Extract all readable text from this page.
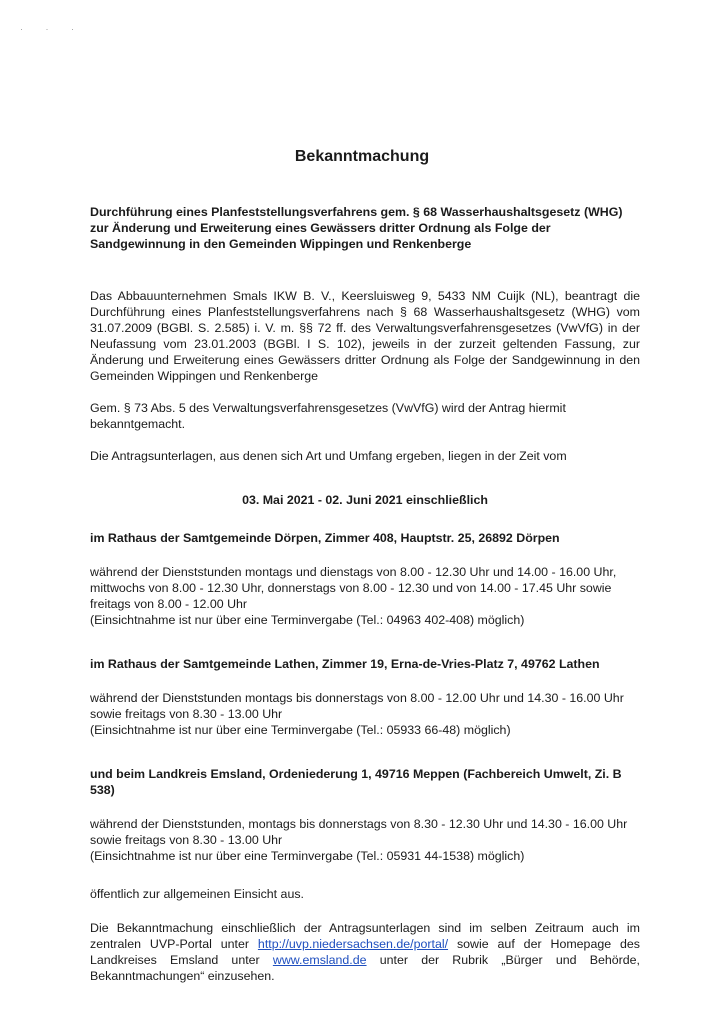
· · ·
Bekanntmachung

Durchführung eines Planfeststellungsverfahrens gem. § 68 Wasserhaushaltsgesetz (WHG) zur Änderung und Erweiterung eines Gewässers dritter Ordnung als Folge der Sandgewinnung in den Gemeinden Wippingen und Renkenberge

Das Abbauunternehmen Smals IKW B. V., Keersluisweg 9, 5433 NM Cuijk (NL), beantragt die Durchführung eines Planfeststellungsverfahrens nach § 68 Wasserhaushaltsgesetz (WHG) vom 31.07.2009 (BGBl. S. 2.585) i. V. m. §§ 72 ff. des Verwaltungsverfahrensgesetzes (VwVfG) in der Neufassung vom 23.01.2003 (BGBl. I S. 102), jeweils in der zurzeit geltenden Fassung, zur Änderung und Erweiterung eines Gewässers dritter Ordnung als Folge der Sandgewinnung in den Gemeinden Wippingen und Renkenberge

Gem. § 73 Abs. 5 des Verwaltungsverfahrensgesetzes (VwVfG) wird der Antrag hiermit bekanntgemacht.

Die Antragsunterlagen, aus denen sich Art und Umfang ergeben, liegen in der Zeit vom

03. Mai 2021 - 02. Juni 2021 einschließlich

im Rathaus der Samtgemeinde Dörpen, Zimmer 408, Hauptstr. 25, 26892 Dörpen

während der Dienststunden montags und dienstags von 8.00 - 12.30 Uhr und 14.00 - 16.00 Uhr, mittwochs von 8.00 - 12.30 Uhr, donnerstags von 8.00 - 12.30 und von 14.00 - 17.45 Uhr sowie freitags von 8.00 - 12.00 Uhr

(Einsichtnahme ist nur über eine Terminvergabe (Tel.: 04963 402-408) möglich)

im Rathaus der Samtgemeinde Lathen, Zimmer 19, Erna-de-Vries-Platz 7, 49762 Lathen

während der Dienststunden montags bis donnerstags von 8.00 - 12.00 Uhr und 14.30 - 16.00 Uhr sowie freitags von 8.30 - 13.00 Uhr

(Einsichtnahme ist nur über eine Terminvergabe (Tel.: 05933 66-48) möglich)

und beim Landkreis Emsland, Ordeniederung 1, 49716 Meppen (Fachbereich Umwelt, Zi. B 538)

während der Dienststunden, montags bis donnerstags von 8.30 - 12.30 Uhr und 14.30 - 16.00 Uhr sowie freitags von 8.30 - 13.00 Uhr

(Einsichtnahme ist nur über eine Terminvergabe (Tel.: 05931 44-1538) möglich)

öffentlich zur allgemeinen Einsicht aus.

Die Bekanntmachung einschließlich der Antragsunterlagen sind im selben Zeitraum auch im zentralen UVP-Portal unter http://uvp.niedersachsen.de/portal/ sowie auf der Homepage des Landkreises Emsland unter www.emsland.de unter der Rubrik „Bürger und Behörde, Bekanntmachungen“ einzusehen.
